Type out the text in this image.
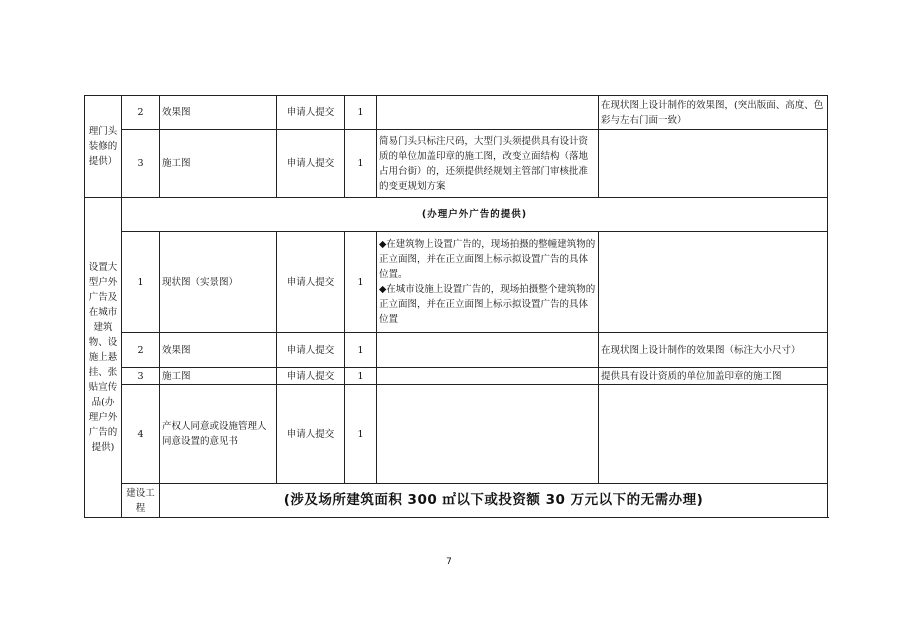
理门头装修的提供）	2	效果图	申请人提交	1		在现状图上设计制作的效果图，(突出版面、高度、色彩与左右门面一致）
	3	施工图	申请人提交	1	简易门头只标注尺码，大型门头须提供具有设计资质的单位加盖印章的施工图，改变立面结构（落地占用台街）的，还须提供经规划主管部门审核批准的变更规划方案	
设置大型户外广告及在城市建筑物、设施上悬挂、张贴宣传品(办理户外广告的提供)	(办理户外广告的提供)					
	1	现状图（实景图）	申请人提交	1	◆在建筑物上设置广告的，现场拍摄的整幢建筑物的正立面图，并在正立面图上标示拟设置广告的具体位置。
◆在城市设施上设置广告的，现场拍摄整个建筑物的正立面图，并在正立面图上标示拟设置广告的具体位置	

	2	效果图	申请人提交	1		在现状图上设计制作的效果图（标注大小尺寸）
	3	施工图	申请人提交	1		提供具有设计资质的单位加盖印章的施工图
	4	产权人同意或设施管理人同意设置的意见书	申请人提交	1		
	建设工程	(涉及场所建筑面积 300 ㎡以下或投资额 30 万元以下的无需办理)				
7
